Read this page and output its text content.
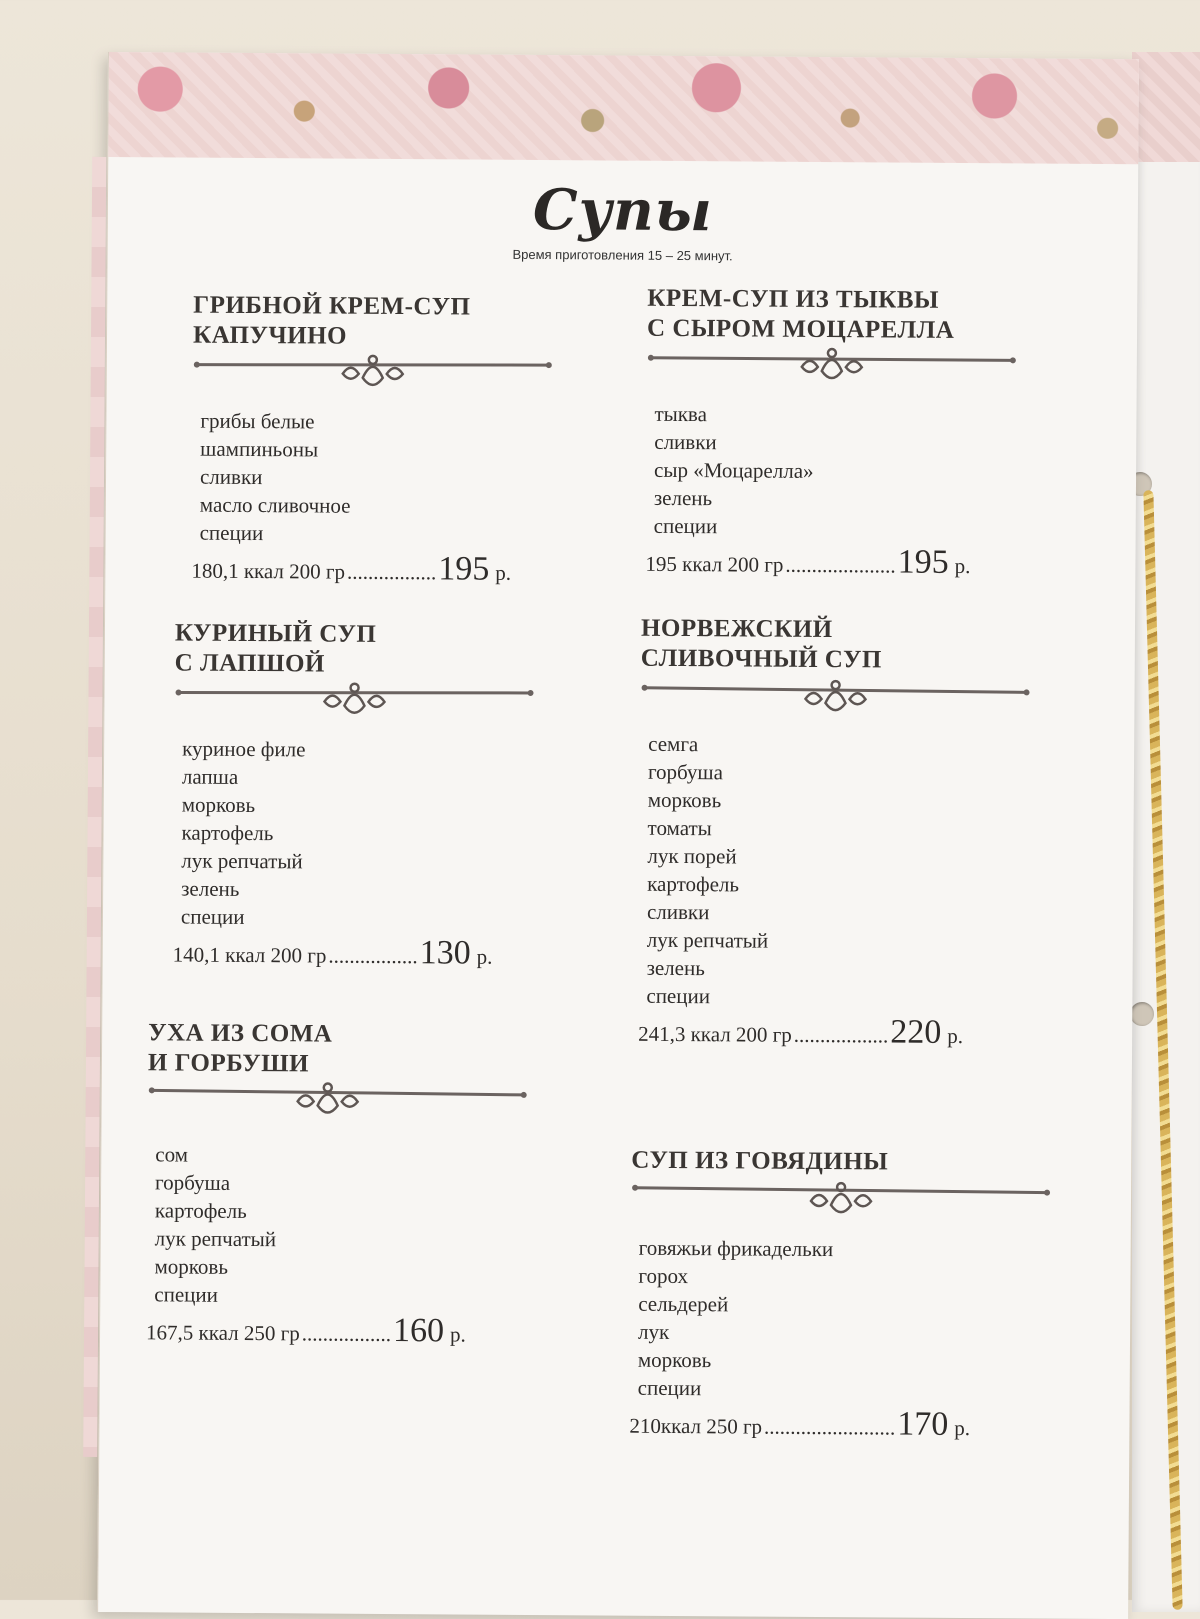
Супы
Время приготовления 15 – 25 минут.
ГРИБНОЙ КРЕМ-СУП
КАПУЧИНО
грибы белые
шампиньоны
сливки
масло сливочное
специи
180,1 ккал 200 гр ................. 195 р.
КРЕМ-СУП ИЗ ТЫКВЫ
С СЫРОМ МОЦАРЕЛЛА
тыква
сливки
сыр «Моцарелла»
зелень
специи
195 ккал 200 гр ..................... 195 р.
КУРИНЫЙ СУП
С ЛАПШОЙ
куриное филе
лапша
морковь
картофель
лук репчатый
зелень
специи
140,1 ккал 200 гр ................. 130 р.
НОРВЕЖСКИЙ
СЛИВОЧНЫЙ СУП
семга
горбуша
морковь
томаты
лук порей
картофель
сливки
лук репчатый
зелень
специи
241,3 ккал 200 гр .................. 220 р.
УХА ИЗ СОМА
И ГОРБУШИ
сом
горбуша
картофель
лук репчатый
морковь
специи
167,5 ккал 250 гр ................. 160 р.
СУП ИЗ ГОВЯДИНЫ
говяжьи фрикадельки
горох
сельдерей
лук
морковь
специи
210ккал 250 гр ......................... 170 р.
